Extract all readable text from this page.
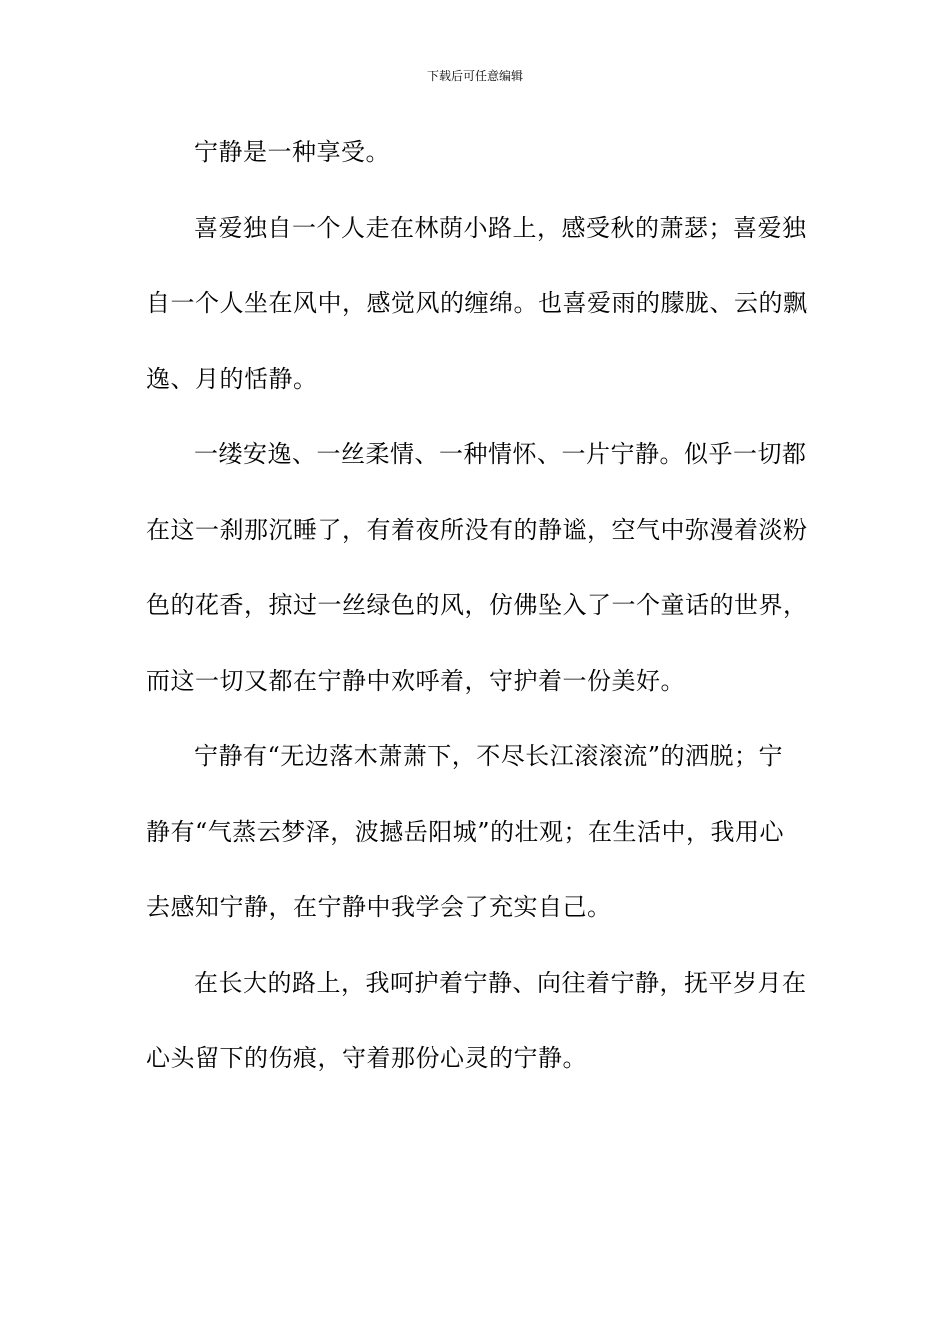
下载后可任意编辑
宁静是一种享受。
喜爱独自一个人走在林荫小路上，感受秋的萧瑟；喜爱独
自一个人坐在风中，感觉风的缠绵。也喜爱雨的朦胧、云的飘
逸、月的恬静。
一缕安逸、一丝柔情、一种情怀、一片宁静。似乎一切都
在这一刹那沉睡了，有着夜所没有的静谧，空气中弥漫着淡粉
色的花香，掠过一丝绿色的风，仿佛坠入了一个童话的世界，
而这一切又都在宁静中欢呼着，守护着一份美好。
宁静有“无边落木萧萧下，不尽长江滚滚流”的洒脱；宁
静有“气蒸云梦泽，波撼岳阳城”的壮观；在生活中，我用心
去感知宁静，在宁静中我学会了充实自己。
在长大的路上，我呵护着宁静、向往着宁静，抚平岁月在
心头留下的伤痕，守着那份心灵的宁静。
